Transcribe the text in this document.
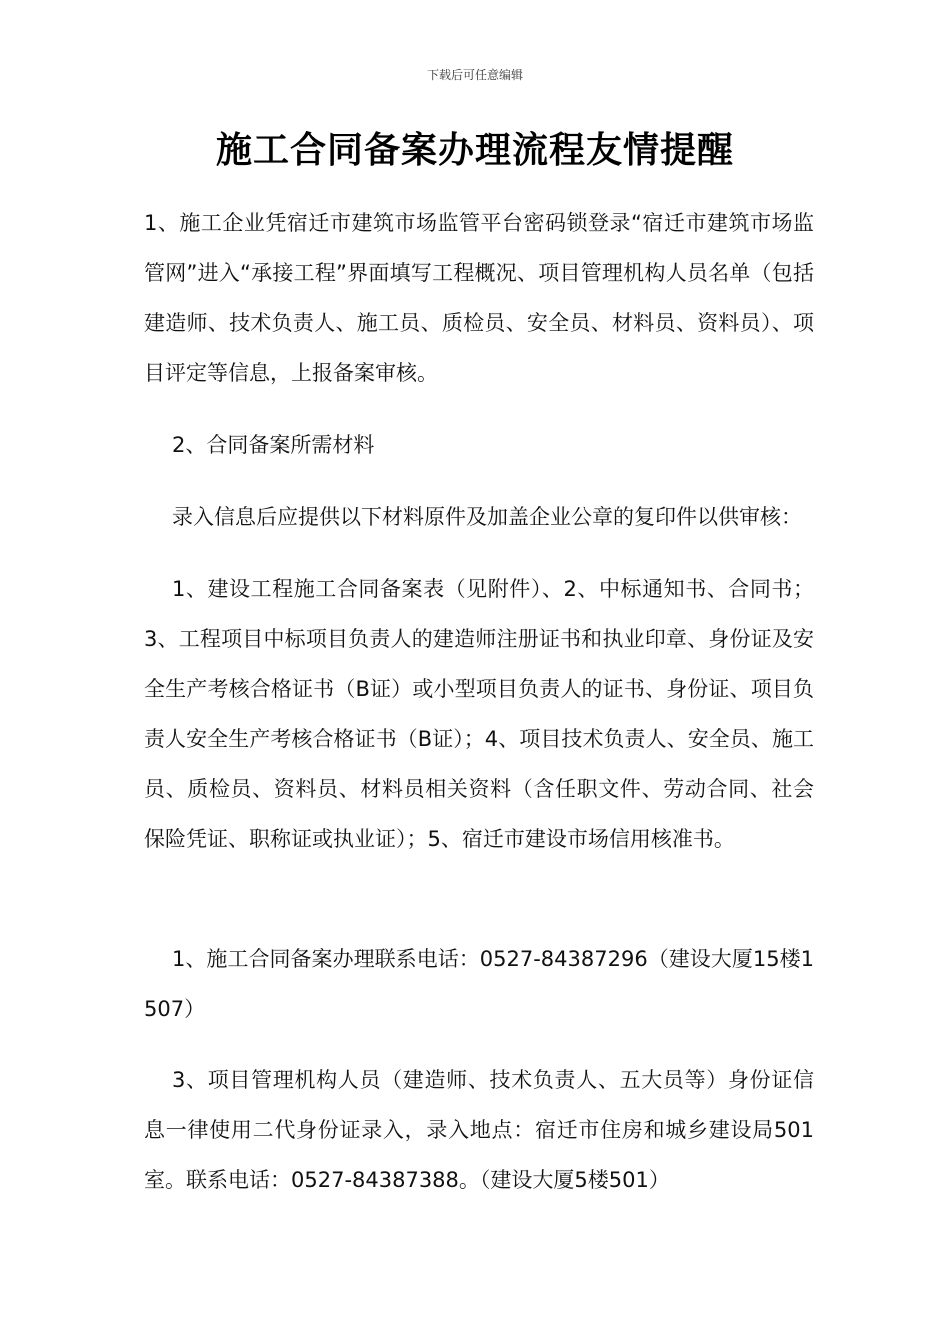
下载后可任意编辑
施工合同备案办理流程友情提醒

1、施工企业凭宿迁市建筑市场监管平台密码锁登录“宿迁市建筑市场监管网”进入“承接工程”界面填写工程概况、项目管理机构人员名单（包括建造师、技术负责人、施工员、质检员、安全员、材料员、资料员）、项目评定等信息，上报备案审核。

2、合同备案所需材料

录入信息后应提供以下材料原件及加盖企业公章的复印件以供审核：

1、建设工程施工合同备案表（见附件）、2、中标通知书、合同书；3、工程项目中标项目负责人的建造师注册证书和执业印章、身份证及安全生产考核合格证书（B证）或小型项目负责人的证书、身份证、项目负责人安全生产考核合格证书（B证）；4、项目技术负责人、安全员、施工员、质检员、资料员、材料员相关资料（含任职文件、劳动合同、社会保险凭证、职称证或执业证）；5、宿迁市建设市场信用核准书。

1、施工合同备案办理联系电话：0527-84387296（建设大厦15楼1507）

3、项目管理机构人员（建造师、技术负责人、五大员等）身份证信息一律使用二代身份证录入，录入地点：宿迁市住房和城乡建设局501室。联系电话：0527-84387388。（建设大厦5楼501）
